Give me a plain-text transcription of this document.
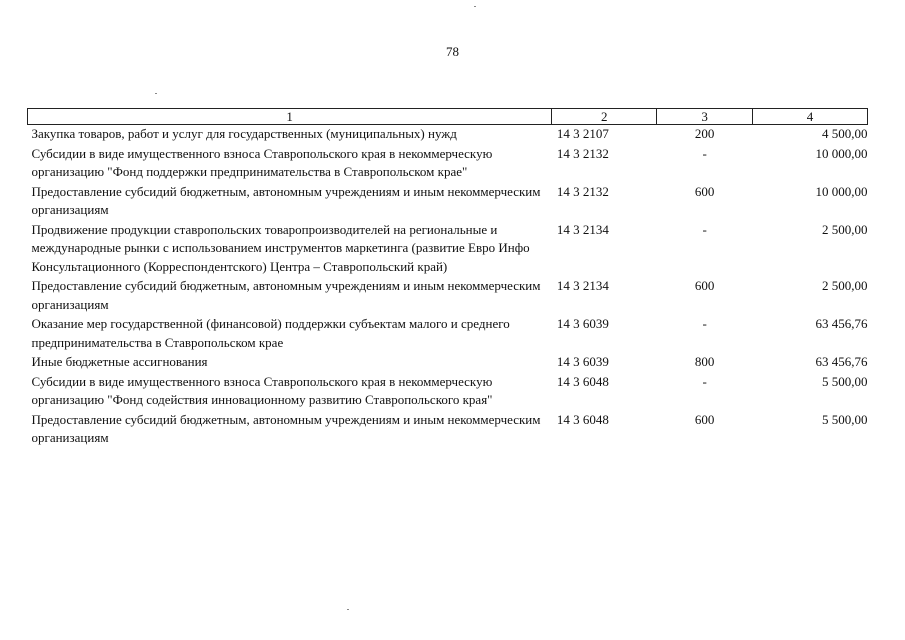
78
1	2	3	4
Закупка товаров, работ и услуг для государственных (муниципальных) нужд	14 3 2107	200	4 500,00
Субсидии в виде имущественного взноса Ставропольского края в некоммерческую организацию "Фонд поддержки предпринимательства в Ставропольском крае"	14 3 2132	-	10 000,00
Предоставление субсидий бюджетным, автономным учреждениям и иным некоммерческим организациям	14 3 2132	600	10 000,00
Продвижение продукции ставропольских товаропроизводителей на региональные и международные рынки с использованием инструментов маркетинга (развитие Евро Инфо Консультационного (Корреспондентского) Центра – Ставропольский край)	14 3 2134	-	2 500,00
Предоставление субсидий бюджетным, автономным учреждениям и иным некоммерческим организациям	14 3 2134	600	2 500,00
Оказание мер государственной (финансовой) поддержки субъектам малого и среднего предпринимательства в Ставропольском крае	14 3 6039	-	63 456,76
Иные бюджетные ассигнования	14 3 6039	800	63 456,76
Субсидии в виде имущественного взноса Ставропольского края в некоммерческую организацию "Фонд содействия инновационному развитию Ставропольского края"	14 3 6048	-	5 500,00
Предоставление субсидий бюджетным, автономным учреждениям и иным некоммерческим организациям	14 3 6048	600	5 500,00
